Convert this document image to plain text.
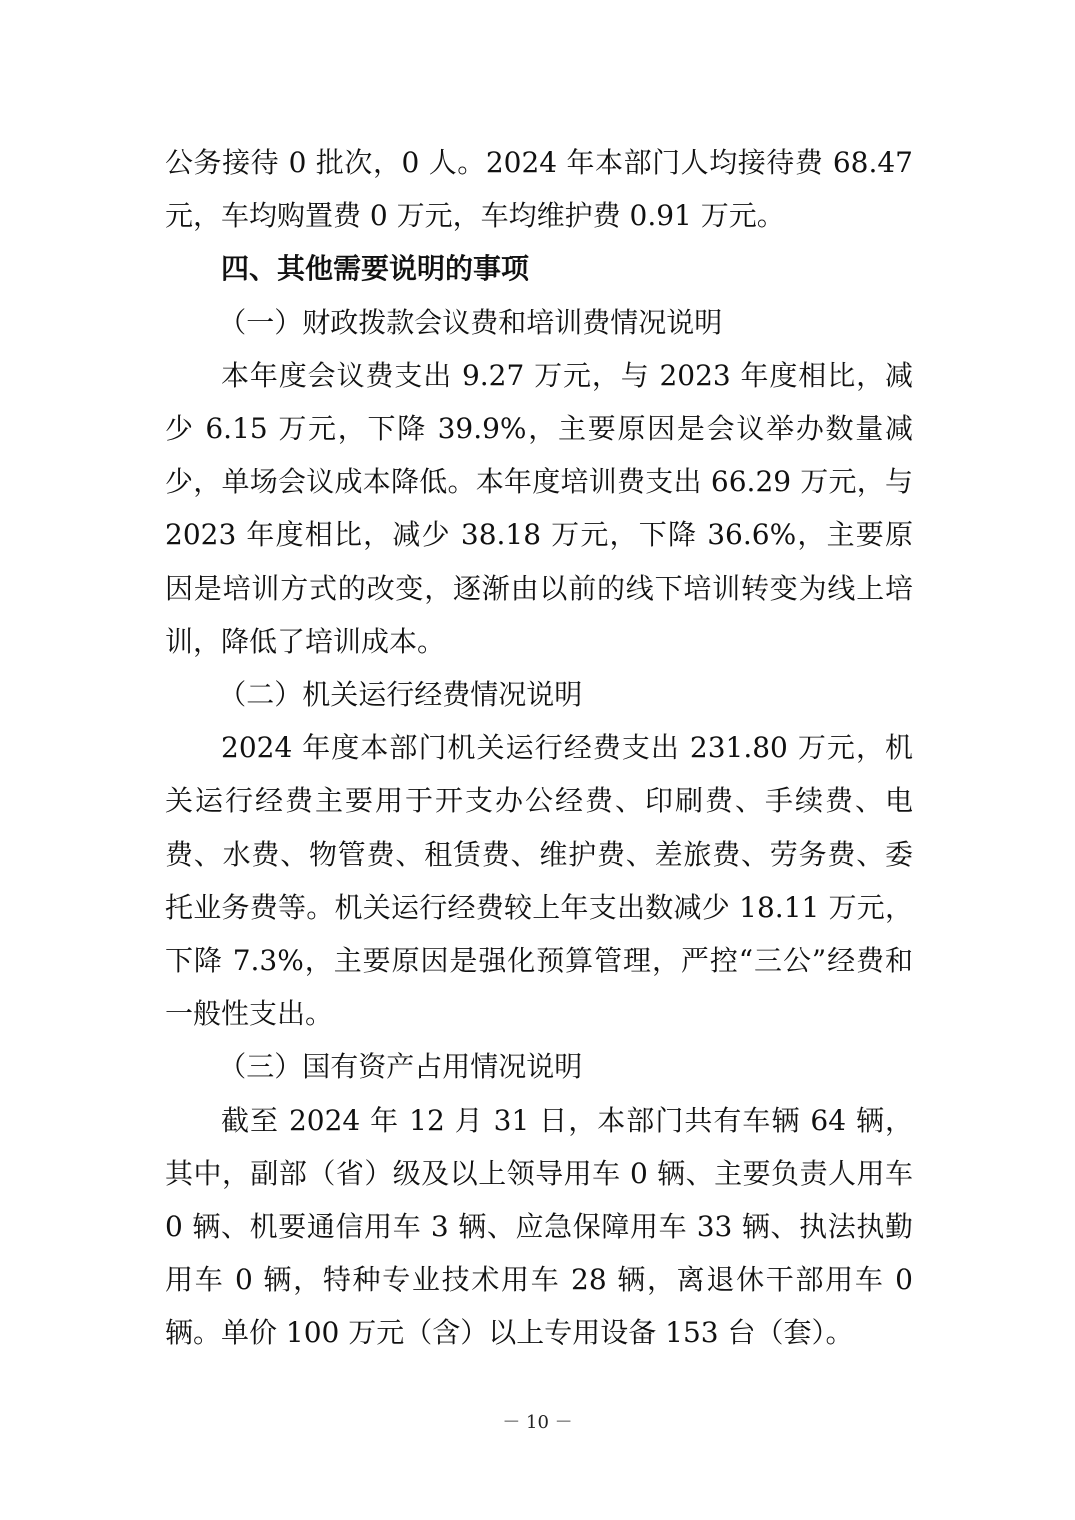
公务接待 0 批次，0 人。2024 年本部门人均接待费 68.47 元，车均购置费 0 万元，车均维护费 0.91 万元。

四、其他需要说明的事项

（一）财政拨款会议费和培训费情况说明

本年度会议费支出 9.27 万元，与 2023 年度相比，减少 6.15 万元，下降 39.9%，主要原因是会议举办数量减少，单场会议成本降低。本年度培训费支出 66.29 万元，与 2023 年度相比，减少 38.18 万元，下降 36.6%，主要原因是培训方式的改变，逐渐由以前的线下培训转变为线上培训，降低了培训成本。

（二）机关运行经费情况说明

2024 年度本部门机关运行经费支出 231.80 万元，机关运行经费主要用于开支办公经费、印刷费、手续费、电费、水费、物管费、租赁费、维护费、差旅费、劳务费、委托业务费等。机关运行经费较上年支出数减少 18.11 万元，下降 7.3%，主要原因是强化预算管理，严控“三公”经费和一般性支出。

（三）国有资产占用情况说明

截至 2024 年 12 月 31 日，本部门共有车辆 64 辆，其中，副部（省）级及以上领导用车 0 辆、主要负责人用车 0 辆、机要通信用车 3 辆、应急保障用车 33 辆、执法执勤用车 0 辆，特种专业技术用车 28 辆，离退休干部用车 0 辆。单价 100 万元（含）以上专用设备 153 台（套）。

－ 10 －
